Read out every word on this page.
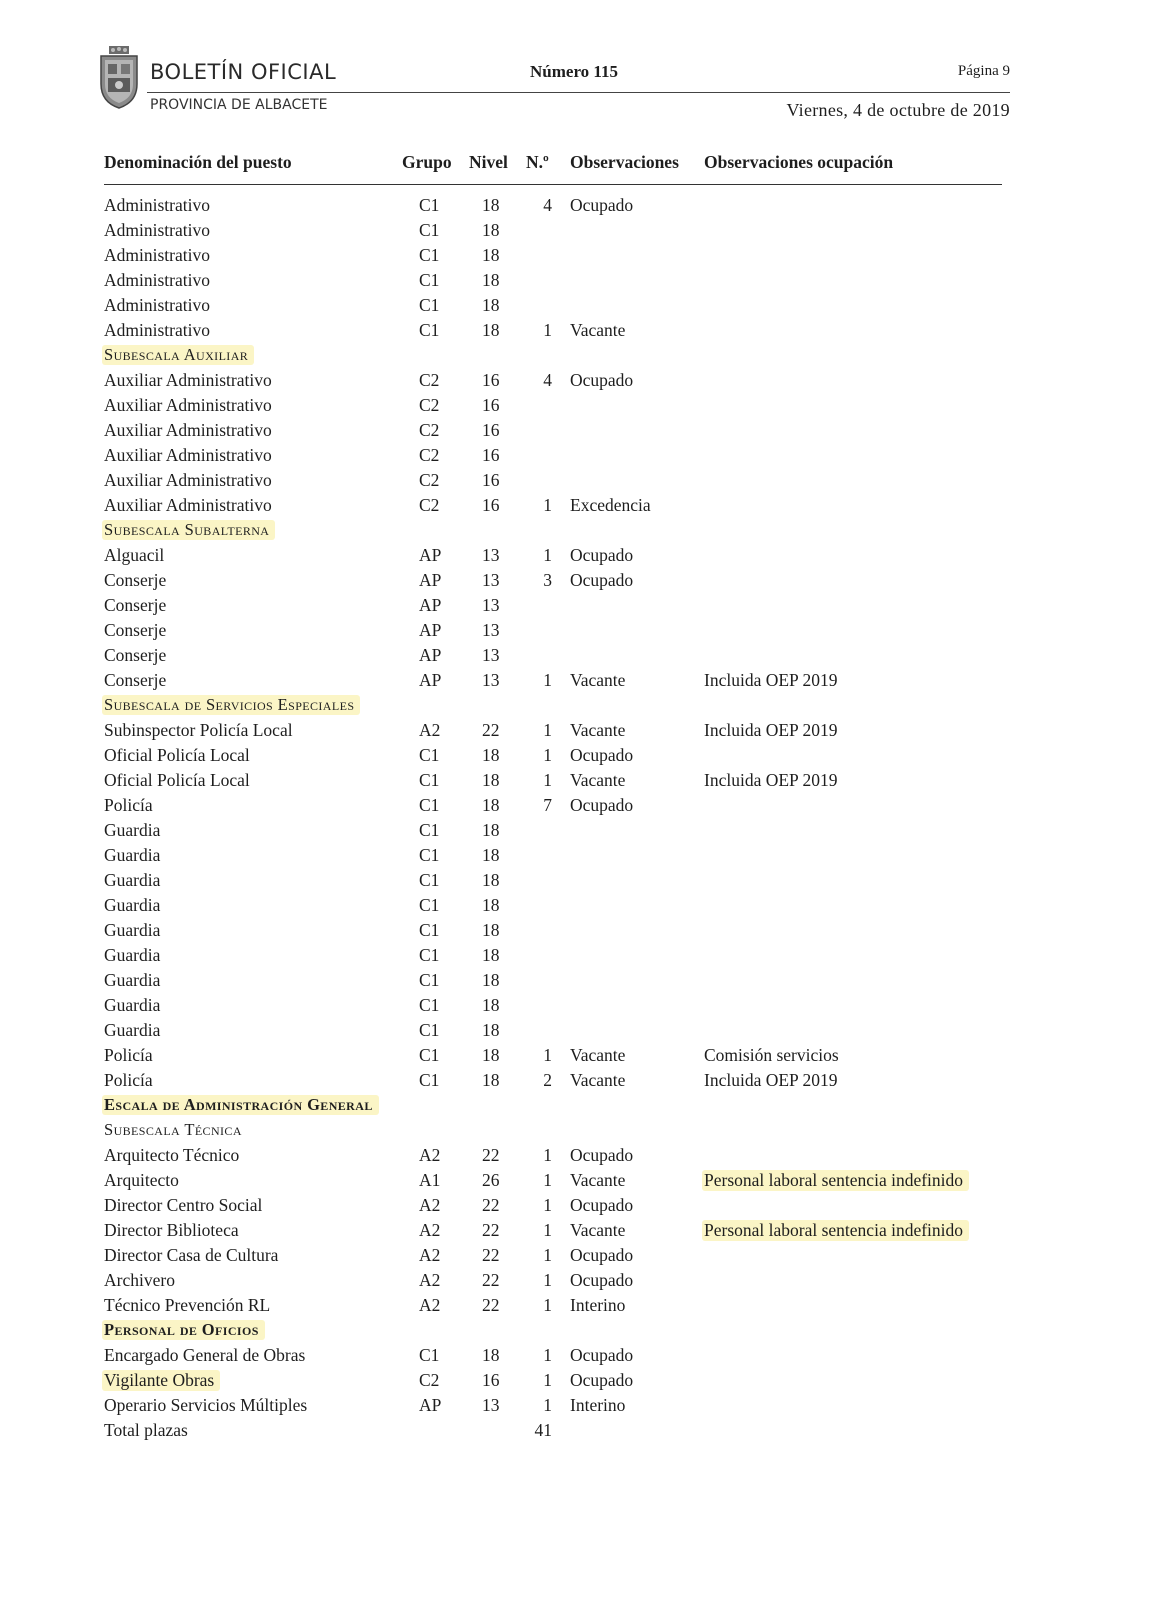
BOLETÍN OFICIAL
PROVINCIA DE ALBACETE
Número 115	Página 9
Viernes, 4 de octubre de 2019
Denominación del puesto	Grupo Nivel N.º Observaciones Observaciones ocupación
Administrativo	C1 18	4 Ocupado
Administrativo	C1 18
Administrativo	C1 18
Administrativo	C1 18
Administrativo	C1 18
Administrativo	C1 18	1 Vacante
Subescala Auxiliar
Auxiliar Administrativo	C2 16	4 Ocupado
Auxiliar Administrativo	C2 16
Auxiliar Administrativo	C2 16
Auxiliar Administrativo	C2 16
Auxiliar Administrativo	C2 16
Auxiliar Administrativo	C2 16	1 Excedencia
Subescala Subalterna
Alguacil	AP 13	1 Ocupado
Conserje	AP 13	3 Ocupado
Conserje	AP 13
Conserje	AP 13
Conserje	AP 13
Conserje	AP 13	1 Vacante	Incluida OEP 2019
Subescala de Servicios Especiales
Subinspector Policía Local	A2 22	1 Vacante	Incluida OEP 2019
Oficial Policía Local	C1 18	1 Ocupado
Oficial Policía Local	C1 18	1 Vacante	Incluida OEP 2019
Policía	C1 18	7 Ocupado
Guardia	C1 18
Guardia	C1 18
Guardia	C1 18
Guardia	C1 18
Guardia	C1 18
Guardia	C1 18
Guardia	C1 18
Guardia	C1 18
Guardia	C1 18
Policía	C1 18	1 Vacante	Comisión servicios
Policía	C1 18	2 Vacante	Incluida OEP 2019
Escala de Administración General
Subescala Técnica
Arquitecto Técnico	A2 22	1 Ocupado
Arquitecto	A1 26	1 Vacante	Personal laboral sentencia indefinido
Director Centro Social	A2 22	1 Ocupado
Director Biblioteca	A2 22	1 Vacante	Personal laboral sentencia indefinido
Director Casa de Cultura	A2 22	1 Ocupado
Archivero	A2 22	1 Ocupado
Técnico Prevención RL	A2 22	1 Interino
Personal de Oficios
Encargado General de Obras	C1 18	1 Ocupado
Vigilante Obras	C2 16	1 Ocupado
Operario Servicios Múltiples	AP 13	1 Interino
Total plazas	41
